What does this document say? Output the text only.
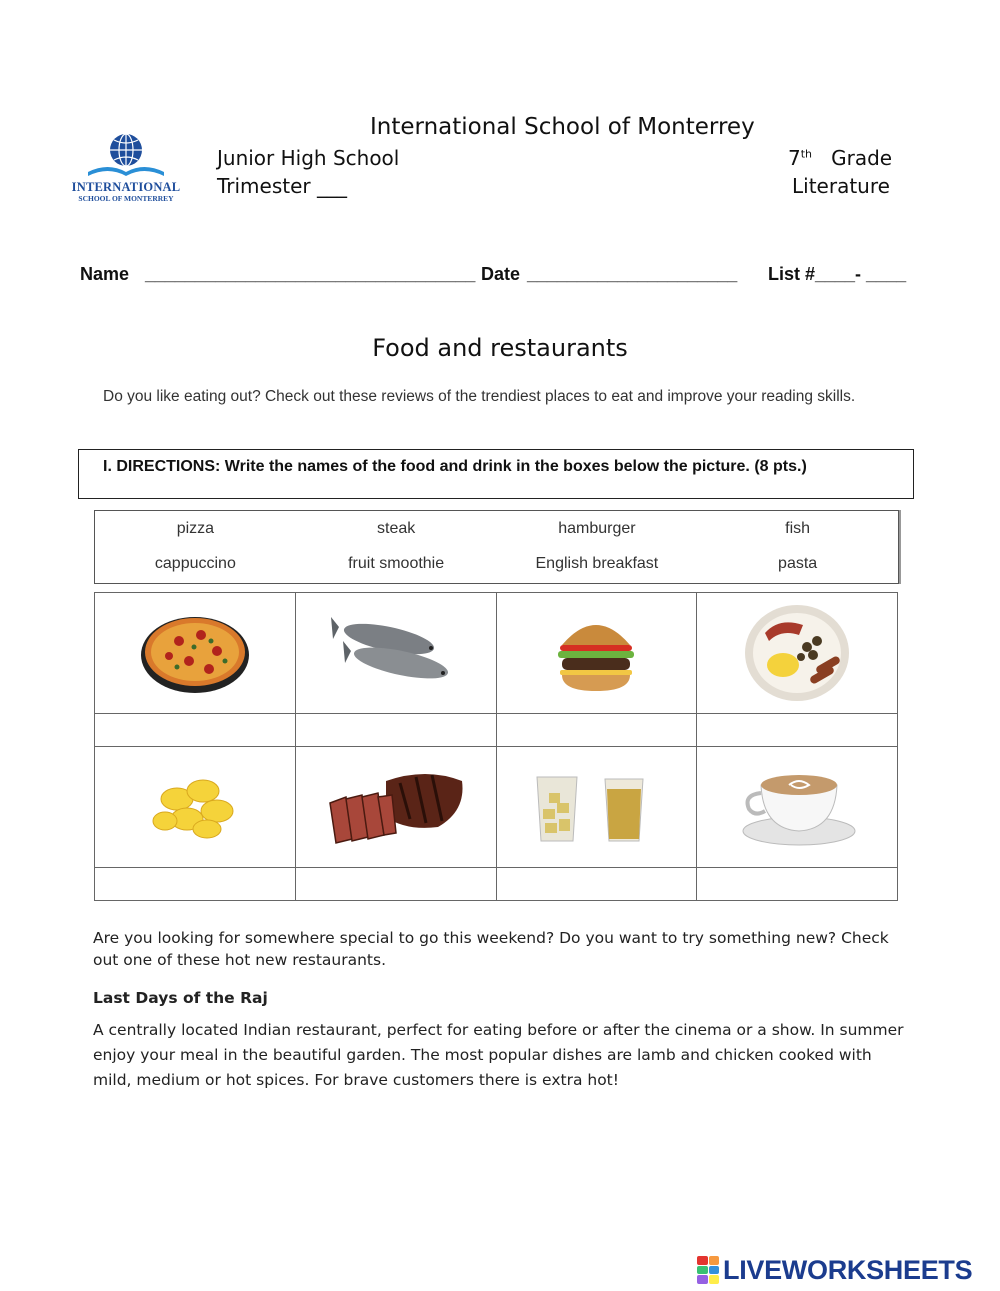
INTERNATIONAL
SCHOOL OF MONTERREY
International School of Monterrey
Junior High School
Trimester ___
7th Grade
Literature
Name _________________________________ Date _____________________ List #____- ____
Food and restaurants
Do you like eating out? Check out these reviews of the trendiest places to eat and improve your reading skills.
I. DIRECTIONS: Write the names of the food and drink in the boxes below the picture. (8 pts.)
pizza	steak	hamburger	fish
cappuccino	fruit smoothie	English breakfast	pasta

Are you looking for somewhere special to go this weekend? Do you want to try something new? Check out one of these hot new restaurants.
Last Days of the Raj
A centrally located Indian restaurant, perfect for eating before or after the cinema or a show. In summer enjoy your meal in the beautiful garden. The most popular dishes are lamb and chicken cooked with mild, medium or hot spices. For brave customers there is extra hot!
LIVEWORKSHEETS
